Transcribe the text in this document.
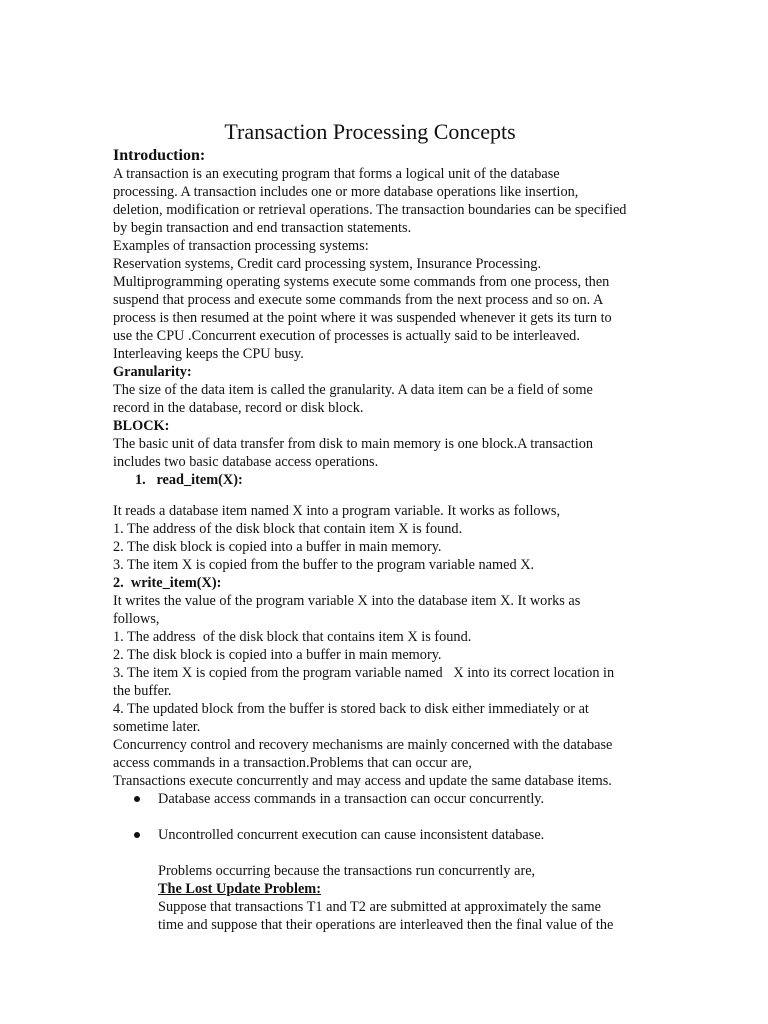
Transaction Processing Concepts
Introduction:
A transaction is an executing program that forms a logical unit of the database
processing. A transaction includes one or more database operations like insertion,
deletion, modification or retrieval operations. The transaction boundaries can be specified
by begin transaction and end transaction statements.
Examples of transaction processing systems:
Reservation systems, Credit card processing system, Insurance Processing.
Multiprogramming operating systems execute some commands from one process, then
suspend that process and execute some commands from the next process and so on. A
process is then resumed at the point where it was suspended whenever it gets its turn to
use the CPU .Concurrent execution of processes is actually said to be interleaved.
Interleaving keeps the CPU busy.
Granularity:
The size of the data item is called the granularity. A data item can be a field of some
record in the database, record or disk block.
BLOCK:
The basic unit of data transfer from disk to main memory is one block.A transaction
includes two basic database access operations.
1.   read_item(X):
It reads a database item named X into a program variable. It works as follows,
1. The address of the disk block that contain item X is found.
2. The disk block is copied into a buffer in main memory.
3. The item X is copied from the buffer to the program variable named X.
2.  write_item(X):
It writes the value of the program variable X into the database item X. It works as
follows,
1. The address  of the disk block that contains item X is found.
2. The disk block is copied into a buffer in main memory.
3. The item X is copied from the program variable named   X into its correct location in
the buffer.
4. The updated block from the buffer is stored back to disk either immediately or at
sometime later.
Concurrency control and recovery mechanisms are mainly concerned with the database
access commands in a transaction.Problems that can occur are,
Transactions execute concurrently and may access and update the same database items.
Database access commands in a transaction can occur concurrently.
Uncontrolled concurrent execution can cause inconsistent database.
Problems occurring because the transactions run concurrently are,
The Lost Update Problem:
Suppose that transactions T1 and T2 are submitted at approximately the same
time and suppose that their operations are interleaved then the final value of the
